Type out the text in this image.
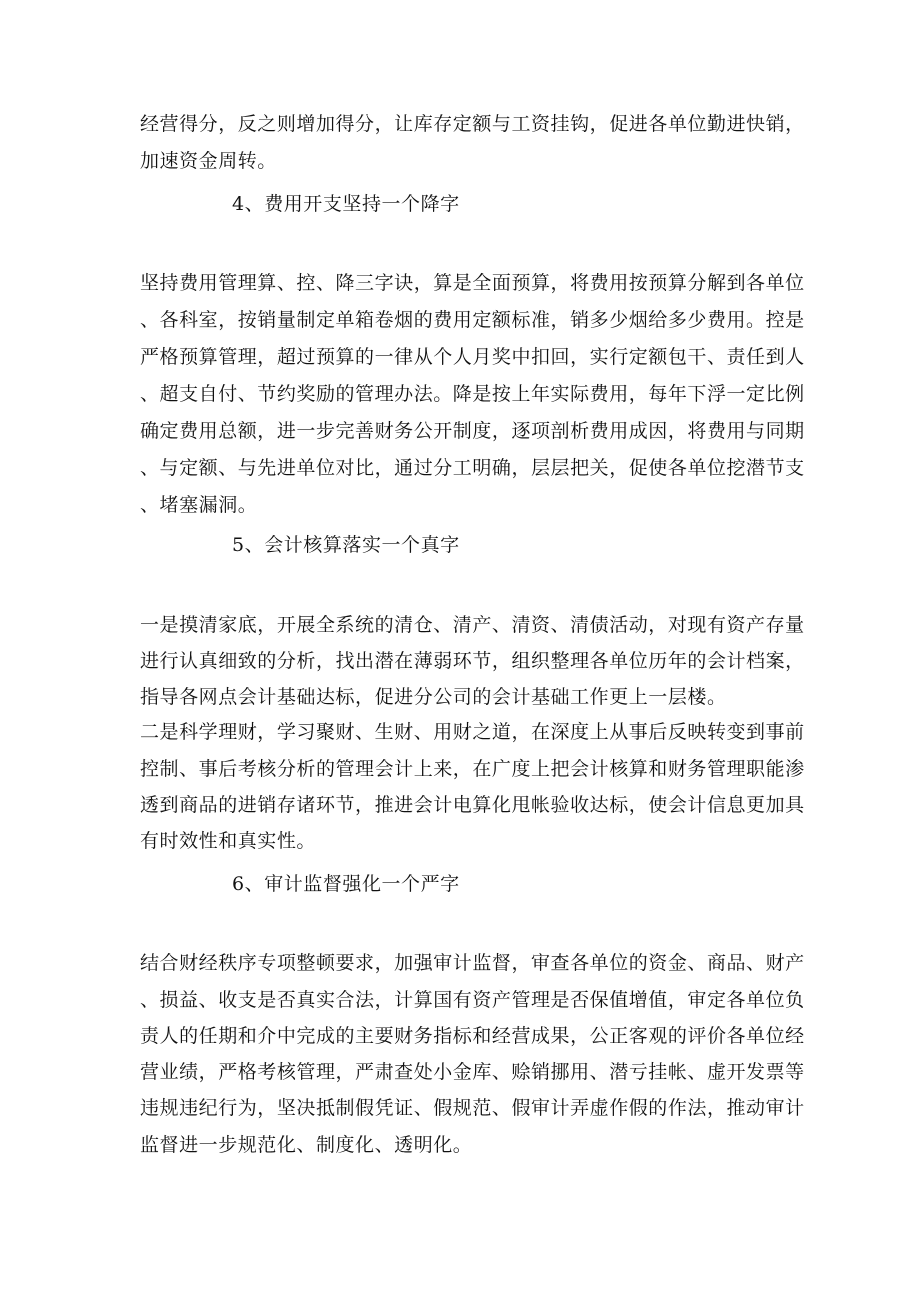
经营得分，反之则增加得分，让库存定额与工资挂钩，促进各单位勤进快销，
加速资金周转。
4、费用开支坚持一个降字
坚持费用管理算、控、降三字诀，算是全面预算，将费用按预算分解到各单位
、各科室，按销量制定单箱卷烟的费用定额标准，销多少烟给多少费用。控是
严格预算管理，超过预算的一律从个人月奖中扣回，实行定额包干、责任到人
、超支自付、节约奖励的管理办法。降是按上年实际费用，每年下浮一定比例
确定费用总额，进一步完善财务公开制度，逐项剖析费用成因，将费用与同期
、与定额、与先进单位对比，通过分工明确，层层把关，促使各单位挖潜节支
、堵塞漏洞。
5、会计核算落实一个真字
一是摸清家底，开展全系统的清仓、清产、清资、清债活动，对现有资产存量
进行认真细致的分析，找出潜在薄弱环节，组织整理各单位历年的会计档案，
指导各网点会计基础达标，促进分公司的会计基础工作更上一层楼。
二是科学理财，学习聚财、生财、用财之道，在深度上从事后反映转变到事前
控制、事后考核分析的管理会计上来，在广度上把会计核算和财务管理职能渗
透到商品的进销存诸环节，推进会计电算化甩帐验收达标，使会计信息更加具
有时效性和真实性。
6、审计监督强化一个严字
结合财经秩序专项整顿要求，加强审计监督，审查各单位的资金、商品、财产
、损益、收支是否真实合法，计算国有资产管理是否保值增值，审定各单位负
责人的任期和介中完成的主要财务指标和经营成果，公正客观的评价各单位经
营业绩，严格考核管理，严肃查处小金库、赊销挪用、潜亏挂帐、虚开发票等
违规违纪行为，坚决抵制假凭证、假规范、假审计弄虚作假的作法，推动审计
监督进一步规范化、制度化、透明化。
